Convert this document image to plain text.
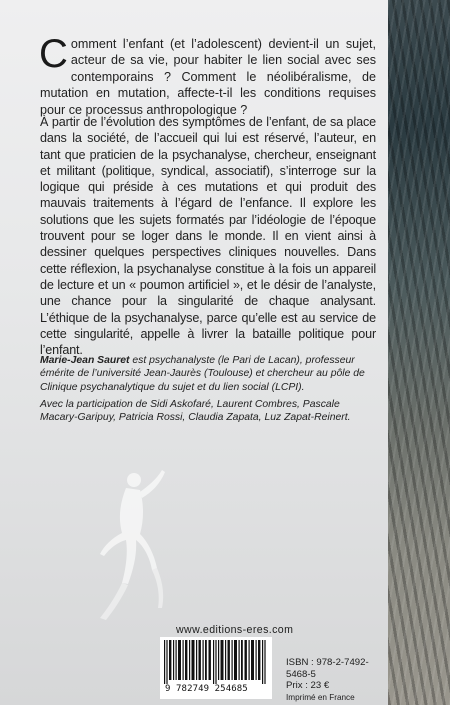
Comment l’enfant (et l’adolescent) devient-il un sujet, acteur de sa vie, pour habiter le lien social avec ses contemporains ? Comment le néolibéralisme, de mutation en mutation, affecte-t-il les conditions requises pour ce processus anthropologique ?
À partir de l’évolution des symptômes de l’enfant, de sa place dans la société, de l’accueil qui lui est réservé, l’auteur, en tant que praticien de la psychanalyse, chercheur, enseignant et militant (politique, syndical, associatif), s’interroge sur la logique qui préside à ces mutations et qui produit des mauvais traitements à l’égard de l’enfance. Il explore les solutions que les sujets formatés par l’idéologie de l’époque trouvent pour se loger dans le monde. Il en vient ainsi à dessiner quelques perspectives cliniques nouvelles. Dans cette réflexion, la psychanalyse constitue à la fois un appareil de lecture et un « poumon artificiel », et le désir de l’analyste, une chance pour la singularité de chaque analysant. L’éthique de la psychanalyse, parce qu’elle est au service de cette singularité, appelle à livrer la bataille politique pour l’enfant.
Marie-Jean Sauret est psychanalyste (le Pari de Lacan), professeur émérite de l’université Jean-Jaurès (Toulouse) et chercheur au pôle de Clinique psychanalytique du sujet et du lien social (LCPI).
Avec la participation de Sidi Askofaré, Laurent Combres, Pascale Macary-Garipuy, Patricia Rossi, Claudia Zapata, Luz Zapat-Reinert.
www.editions-eres.com
9 782749 254685
ISBN : 978-2-7492-5468-5
Prix : 23 €
Imprimé en France
